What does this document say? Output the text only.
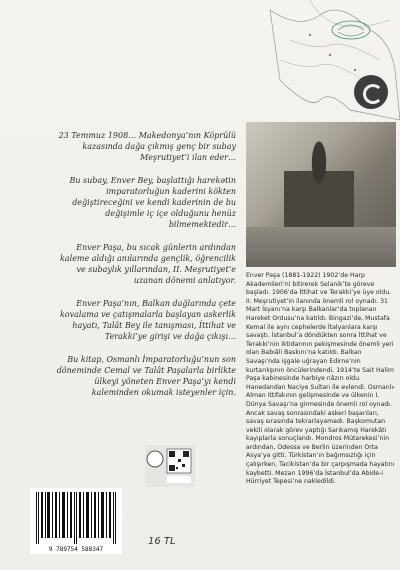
23 Temmuz 1908… Makedonya’nın Köprülü kazasında dağa çıkmış genç bir subay Meşrutiyet’i ilan eder…

Bu subay, Enver Bey, başlattığı harekətin imparatorluğun kaderini kökten değiştireceğini ve kendi kaderinin de bu değişimle iç içe olduğunu henüz bilmemektedir…

Enver Paşa, bu sıcak günlerin ardından kaleme aldığı anılarında gençlik, öğrencilik ve subaylık yıllarından, II. Meşrutiyet’e uzanan dönemi anlatıyor.

Enver Paşa’nın, Balkan dağlarında çete kovalama ve çatışmalarla başlayan askerlik hayatı, Talât Bey ile tanışması, İttihat ve Terakki’ye girişi ve dağa çıkışı…

Bu kitap, Osmanlı İmparatorluğu’nun son döneminde Cemal ve Talât Paşalarla birlikte ülkeyi yöneten Enver Paşa’yı kendi kaleminden okumak isteyenler için.

Enver Paşa (1881-1922) 1902’de Harp Akademileri’ni bitirerek Selanik’te göreve başladı. 1906’da İttihat ve Terakki’ye üye oldu. II. Meşrutiyet’in ilanında önemli rol oynadı. 31 Mart İsyanı’na karşı Balkanlar’da toplanan Hareket Ordusu’na katıldı. Bingazi’de, Mustafa Kemal ile aynı cephelerde İtalyanlara karşı savaştı. İstanbul’a döndükten sonra İttihat ve Terakki’nin iktidarının pekişmesinde önemli yeri olan Babıâli Baskını’na katıldı. Balkan Savaşı’nda işgale uğrayan Edirne’nin kurtarılışının öncülerindendi. 1914’te Sait Halim Paşa kabinesinde harbiye nâzırı oldu. Hanedandan Naciye Sultan ile evlendi. Osmanlı-Alman ittifakının gelişmesinde ve ülkenin I. Dünya Savaşı’na girmesinde önemli rol oynadı. Ancak savaş sonrasındaki askeri başarıları, savaş sırasında tekrarlayamadı. Başkomutan vekili olarak görev yaptığı Sarıkamış Harekâtı kayıplarla sonuçlandı. Mondros Mütarekesi’nin ardından, Odessa ve Berlin üzerinden Orta Asya’ya gitti. Türkistan’ın bağımsızlığı için çalışırken, Tacikistan’da bir çarpışmada hayatını kaybetti. Mezarı 1996’da İstanbul’da Abide-i Hürriyet Tepesi’ne nakledildi.
9 789754 588347
16 TL
